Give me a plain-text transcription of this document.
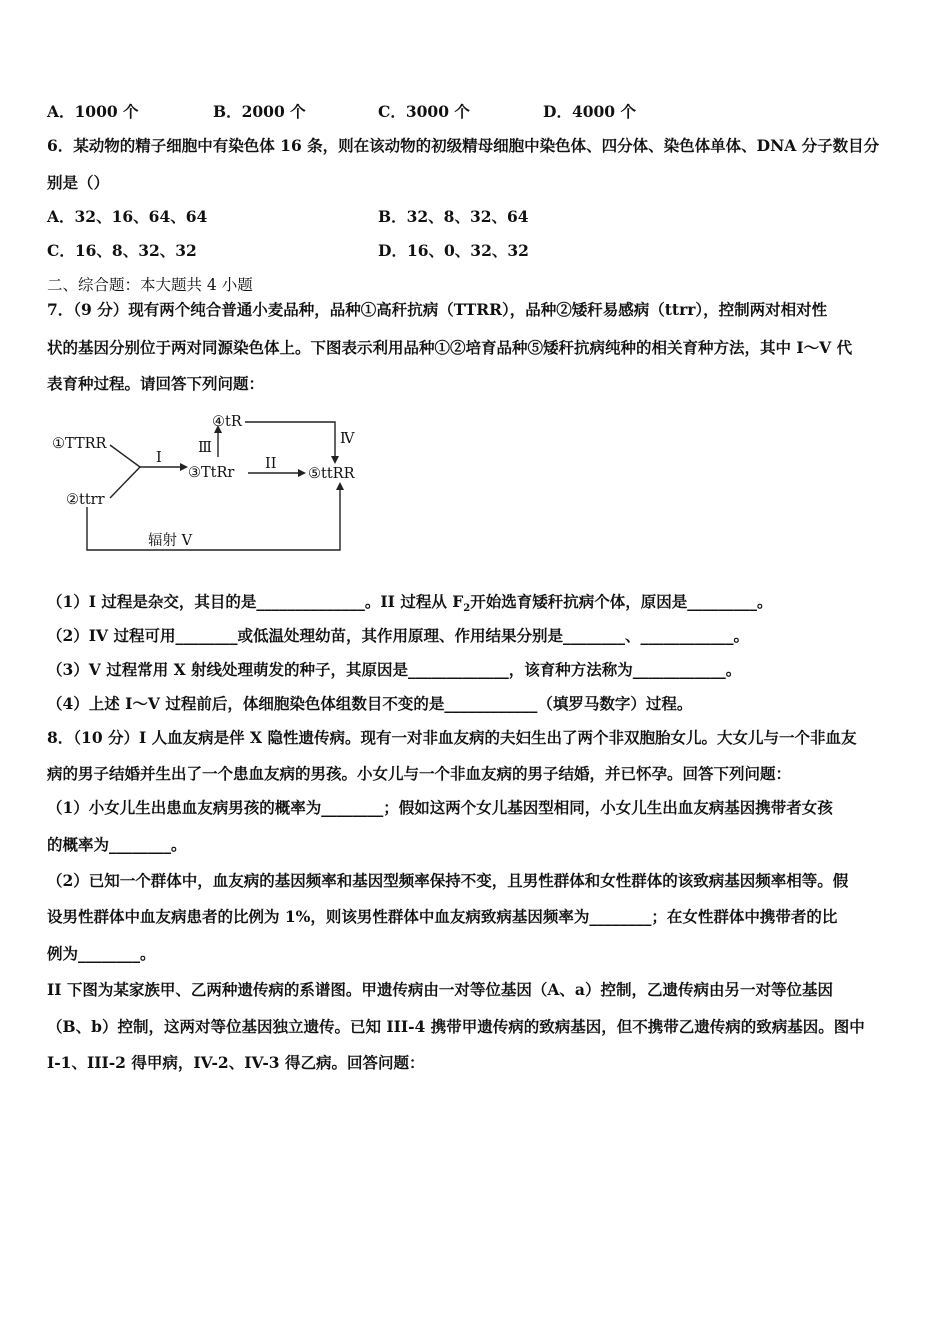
A．1000 个	B．2000 个	C．3000 个	D．4000 个
6．某动物的精子细胞中有染色体 16 条，则在该动物的初级精母细胞中染色体、四分体、染色体单体、DNA 分子数目分
别是（）
A．32、16、64、64	B．32、8、32、64
C．16、8、32、32	D．16、0、32、32
二、综合题：本大题共 4 小题
7．（9 分）现有两个纯合普通小麦品种，品种①高秆抗病（TTRR），品种②矮秆易感病（ttrr），控制两对相对性
状的基因分别位于两对同源染色体上。下图表示利用品种①②培育品种⑤矮秆抗病纯种的相关育种方法，其中 I～V 代
表育种过程。请回答下列问题：
①TTRR
②ttrr
③TtRr
④tR
⑤ttRR
I	II
Ⅲ
Ⅳ
辐射 V
（1）I 过程是杂交，其目的是______________。II 过程从 $F_2$开始选育矮秆抗病个体，原因是_________。
（2）IV 过程可用________或低温处理幼苗，其作用原理、作用结果分别是________、____________。
（3）V 过程常用 X 射线处理萌发的种子，其原因是_____________，该育种方法称为____________。
（4）上述 I～V 过程前后，体细胞染色体组数目不变的是____________（填罗马数字）过程。
8．（10 分）I 人血友病是伴 X 隐性遗传病。现有一对非血友病的夫妇生出了两个非双胞胎女儿。大女儿与一个非血友
病的男子结婚并生出了一个患血友病的男孩。小女儿与一个非血友病的男子结婚，并已怀孕。回答下列问题：
（1）小女儿生出患血友病男孩的概率为________；假如这两个女儿基因型相同，小女儿生出血友病基因携带者女孩
的概率为________。
（2）已知一个群体中，血友病的基因频率和基因型频率保持不变，且男性群体和女性群体的该致病基因频率相等。假
设男性群体中血友病患者的比例为 1%，则该男性群体中血友病致病基因频率为________；在女性群体中携带者的比
例为________。
II 下图为某家族甲、乙两种遗传病的系谱图。甲遗传病由一对等位基因（A、a）控制，乙遗传病由另一对等位基因
（B、b）控制，这两对等位基因独立遗传。已知 III-4 携带甲遗传病的致病基因，但不携带乙遗传病的致病基因。图中
I-1、III-2 得甲病，IV-2、IV-3 得乙病。回答问题：
